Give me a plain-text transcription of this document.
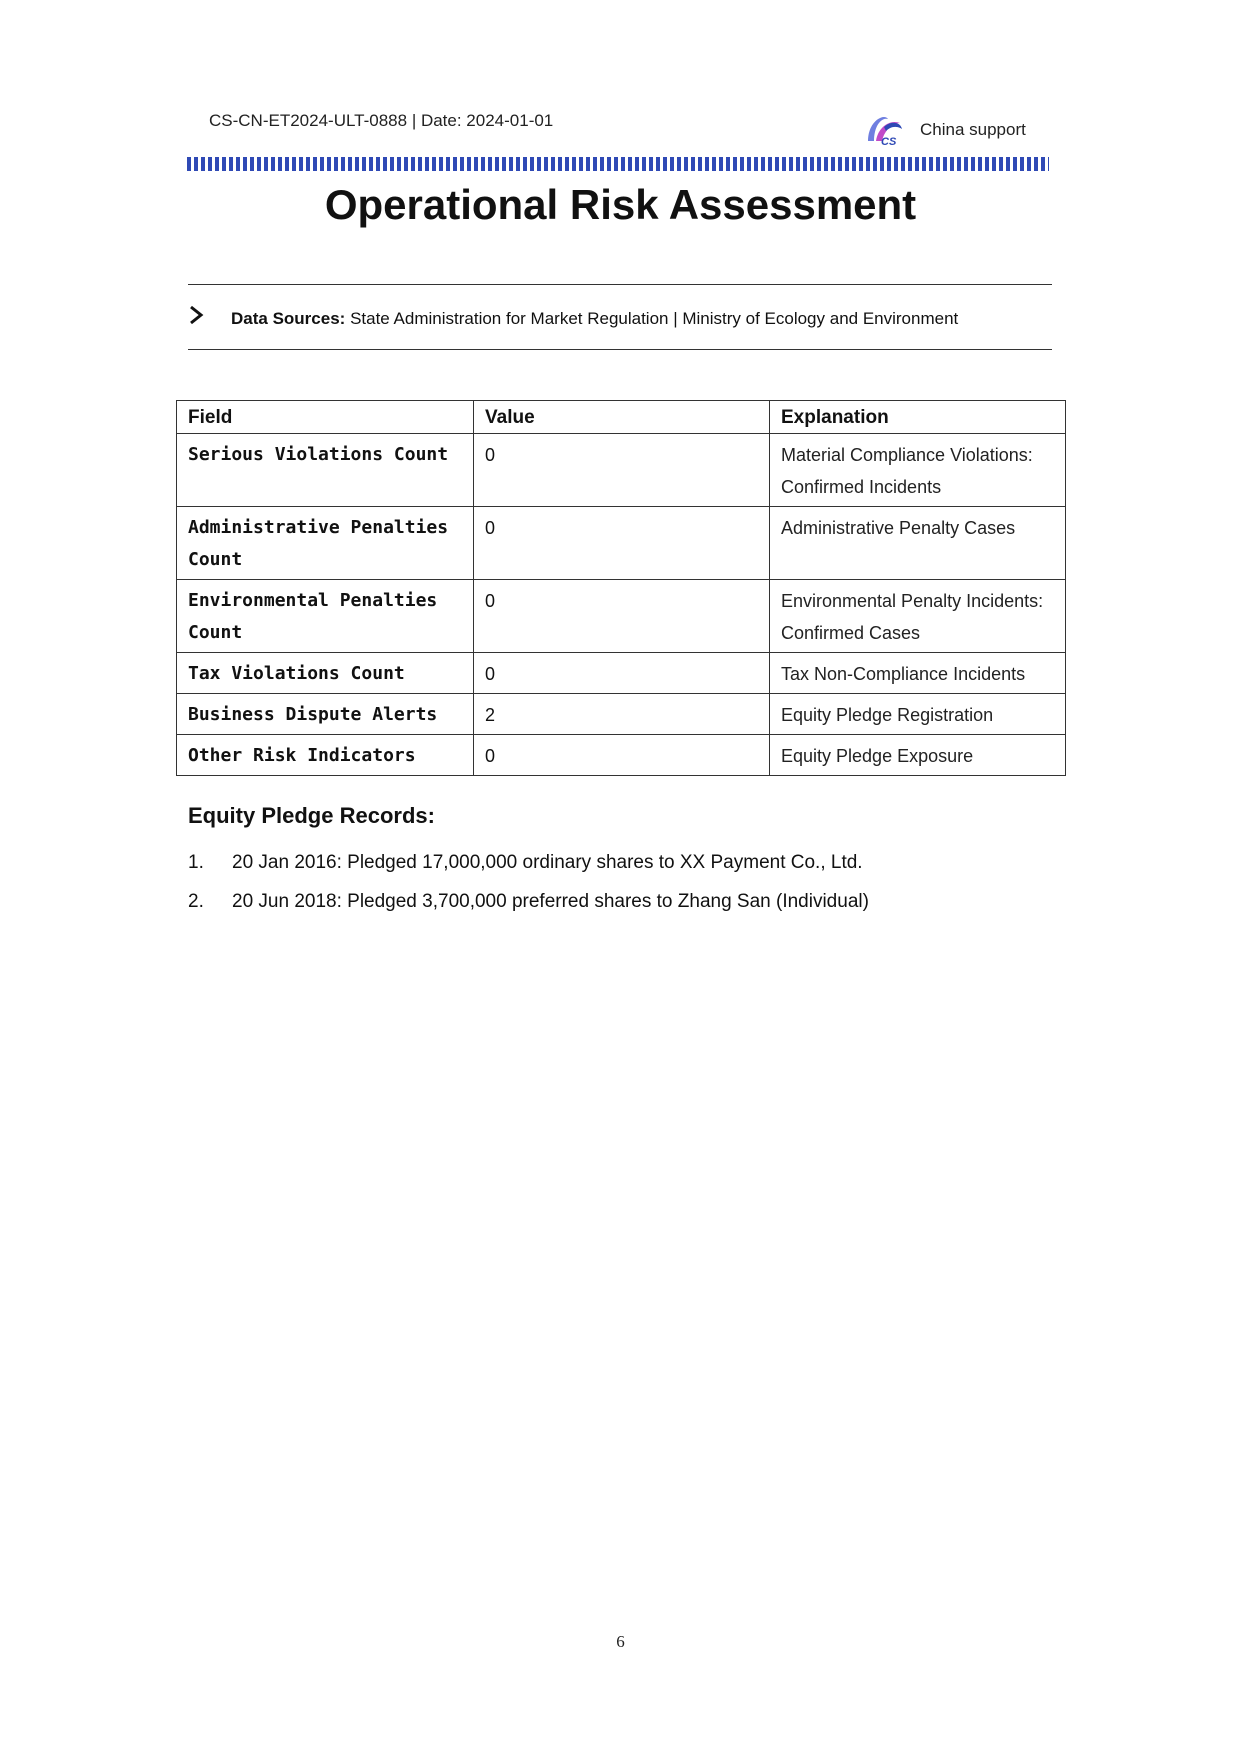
CS-CN-ET2024-ULT-0888 | Date: 2024-01-01
CS
China support
Operational Risk Assessment
Data Sources: State Administration for Market Regulation | Ministry of Ecology and Environment
Field	Value	Explanation
Serious Violations Count	0	Material Compliance Violations: Confirmed Incidents
Administrative Penalties Count	0	Administrative Penalty Cases
Environmental Penalties Count	0	Environmental Penalty Incidents: Confirmed Cases
Tax Violations Count	0	Tax Non-Compliance Incidents
Business Dispute Alerts	2	Equity Pledge Registration
Other Risk Indicators	0	Equity Pledge Exposure
Equity Pledge Records:
1. 20 Jan 2016: Pledged 17,000,000 ordinary shares to XX Payment Co., Ltd.
2. 20 Jun 2018: Pledged 3,700,000 preferred shares to Zhang San (Individual)
6
